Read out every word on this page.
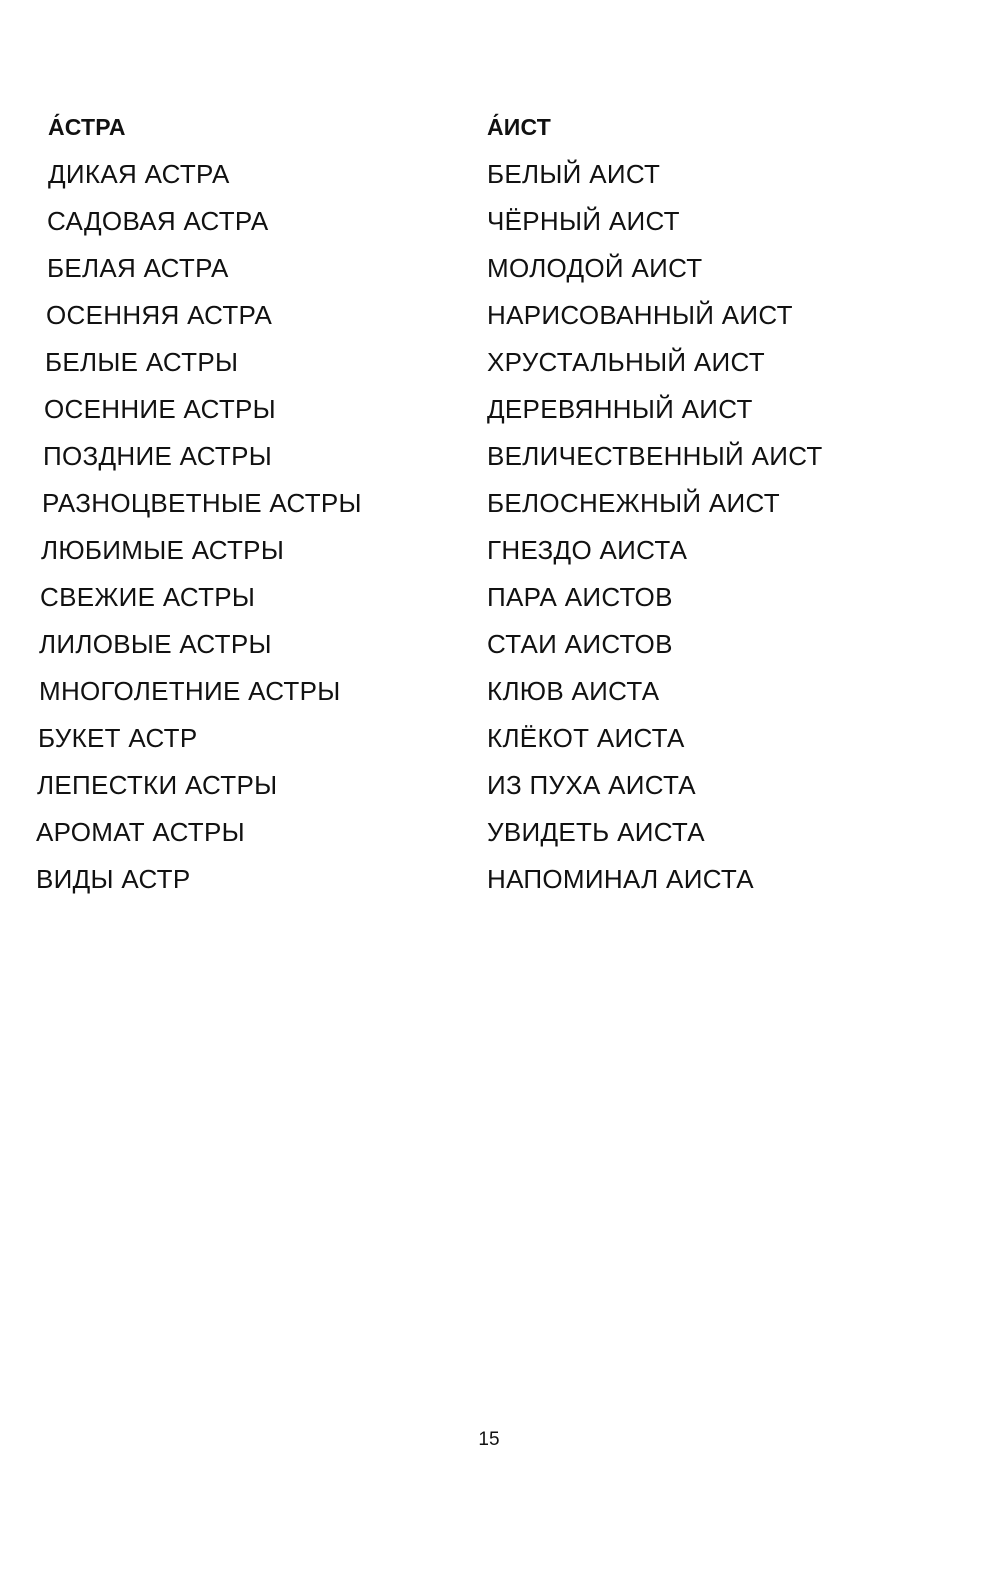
А́СТРА
ДИКАЯ АСТРА
САДОВАЯ АСТРА
БЕЛАЯ АСТРА
ОСЕННЯЯ АСТРА
БЕЛЫЕ АСТРЫ
ОСЕННИЕ АСТРЫ
ПОЗДНИЕ АСТРЫ
РАЗНОЦВЕТНЫЕ АСТРЫ
ЛЮБИМЫЕ АСТРЫ
СВЕЖИЕ АСТРЫ
ЛИЛОВЫЕ АСТРЫ
МНОГОЛЕТНИЕ АСТРЫ
БУКЕТ АСТР
ЛЕПЕСТКИ АСТРЫ
АРОМАТ АСТРЫ
ВИДЫ АСТР
А́ИСТ
БЕЛЫЙ АИСТ
ЧЁРНЫЙ АИСТ
МОЛОДОЙ АИСТ
НАРИСОВАННЫЙ АИСТ
ХРУСТАЛЬНЫЙ АИСТ
ДЕРЕВЯННЫЙ АИСТ
ВЕЛИЧЕСТВЕННЫЙ АИСТ
БЕЛОСНЕЖНЫЙ АИСТ
ГНЕЗДО АИСТА
ПАРА АИСТОВ
СТАИ АИСТОВ
КЛЮВ АИСТА
КЛЁКОТ АИСТА
ИЗ ПУХА АИСТА
УВИДЕТЬ АИСТА
НАПОМИНАЛ АИСТА
15
